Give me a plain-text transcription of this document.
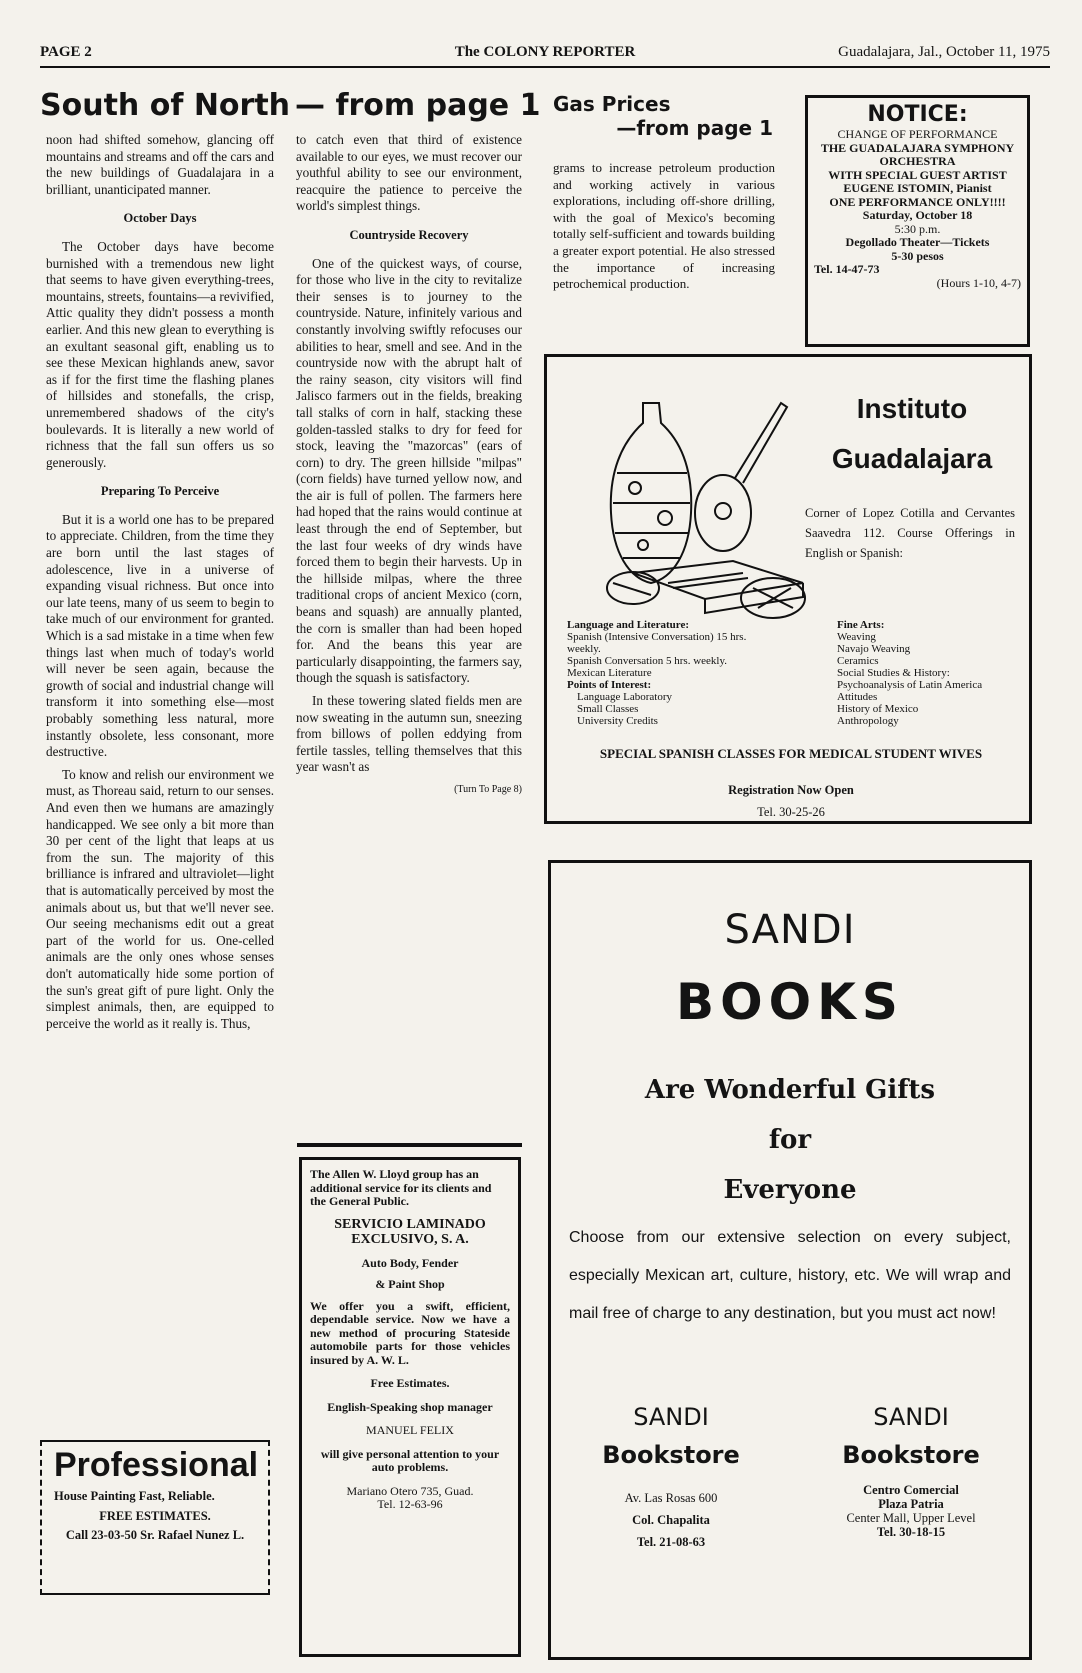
PAGE 2	The COLONY REPORTER	Guadalajara, Jal., October 11, 1975
South of North — from page 1

noon had shifted somehow, glancing off mountains and streams and off the cars and the new buildings of Guadalajara in a brilliant, unanticipated manner.

October Days

The October days have become burnished with a tremendous new light that seems to have given everything-trees, mountains, streets, fountains—a revivified, Attic quality they didn't possess a month earlier. And this new glean to everything is an exultant seasonal gift, enabling us to see these Mexican highlands anew, savor as if for the first time the flashing planes of hillsides and stonefalls, the crisp, unremembered shadows of the city's boulevards. It is literally a new world of richness that the fall sun offers us so generously.

Preparing To Perceive

But it is a world one has to be prepared to appreciate. Children, from the time they are born until the last stages of adolescence, live in a universe of expanding visual richness. But once into our late teens, many of us seem to begin to take much of our environment for granted. Which is a sad mistake in a time when few things last when much of today's world will never be seen again, because the growth of social and industrial change will transform it into something else—most probably something less natural, more instantly obsolete, less consonant, more destructive.

To know and relish our environment we must, as Thoreau said, return to our senses. And even then we humans are amazingly handicapped. We see only a bit more than 30 per cent of the light that leaps at us from the sun. The majority of this brilliance is infrared and ultraviolet—light that is automatically perceived by most the animals about us, but that we'll never see. Our seeing mechanisms edit out a great part of the world for us. One-celled animals are the only ones whose senses don't automatically hide some portion of the sun's great gift of pure light. Only the simplest animals, then, are equipped to perceive the world as it really is. Thus,

to catch even that third of existence available to our eyes, we must recover our youthful ability to see our environment, reacquire the patience to perceive the world's simplest things.

Countryside Recovery

One of the quickest ways, of course, for those who live in the city to revitalize their senses is to journey to the countryside. Nature, infinitely various and constantly involving swiftly refocuses our abilities to hear, smell and see. And in the countryside now with the abrupt halt of the rainy season, city visitors will find Jalisco farmers out in the fields, breaking tall stalks of corn in half, stacking these golden-tassled stalks to dry for feed for stock, leaving the "mazorcas" (ears of corn) to dry. The green hillside "milpas" (corn fields) have turned yellow now, and the air is full of pollen. The farmers here had hoped that the rains would continue at least through the end of September, but the last four weeks of dry winds have forced them to begin their harvests. Up in the hillside milpas, where the three traditional crops of ancient Mexico (corn, beans and squash) are annually planted, the corn is smaller than had been hoped for. And the beans this year are particularly disappointing, the farmers say, though the squash is satisfactory.

In these towering slated fields men are now sweating in the autumn sun, sneezing from billows of pollen eddying from fertile tassles, telling themselves that this year wasn't as

(Turn To Page 8)
Gas Prices
—from page 1

grams to increase petroleum production and working actively in various explorations, including off-shore drilling, with the goal of Mexico's becoming totally self-sufficient and towards building a greater export potential. He also stressed the importance of increasing petrochemical production.

NOTICE:
CHANGE OF PERFORMANCE
THE GUADALAJARA SYMPHONY ORCHESTRA
WITH SPECIAL GUEST ARTIST
EUGENE ISTOMIN, Pianist
ONE PERFORMANCE ONLY!!!!
Saturday, October 18
5:30 p.m.
Degollado Theater—Tickets
5-30 pesos
Tel. 14-47-73
(Hours 1-10, 4-7)
Instituto
Guadalajara
Corner of Lopez Cotilla and Cervantes Saavedra 112. Course Offerings in English or Spanish:
Language and Literature:
Spanish (Intensive Conversation) 15 hrs. weekly.
Spanish Conversation 5 hrs. weekly.
Mexican Literature
Points of Interest:
Language Laboratory
Small Classes
University Credits
Fine Arts:
Weaving
Navajo Weaving
Ceramics
Social Studies & History:
Psychoanalysis of Latin America
Attitudes
History of Mexico
Anthropology
SPECIAL SPANISH CLASSES FOR MEDICAL STUDENT WIVES
Registration Now Open
Tel. 30-25-26
SANDI
BOOKS
Are Wonderful Gifts
for
Everyone
Choose from our extensive selection on every subject, especially Mexican art, culture, history, etc. We will wrap and mail free of charge to any destination, but you must act now!
SANDI
Bookstore
Av. Las Rosas 600
Col. Chapalita
Tel. 21-08-63
SANDI
Bookstore
Centro Comercial
Plaza Patria
Center Mall, Upper Level
Tel. 30-18-15
The Allen W. Lloyd group has an additional service for its clients and the General Public.
SERVICIO LAMINADO EXCLUSIVO, S. A.
Auto Body, Fender
& Paint Shop
We offer you a swift, efficient, dependable service. Now we have a new method of procuring Stateside automobile parts for those vehicles insured by A. W. L.
Free Estimates.
English-Speaking shop manager
MANUEL FELIX
will give personal attention to your auto problems.
Mariano Otero 735, Guad.
Tel. 12-63-96
Professional
House Painting Fast, Reliable.
FREE ESTIMATES.
Call 23-03-50 Sr. Rafael Nunez L.
